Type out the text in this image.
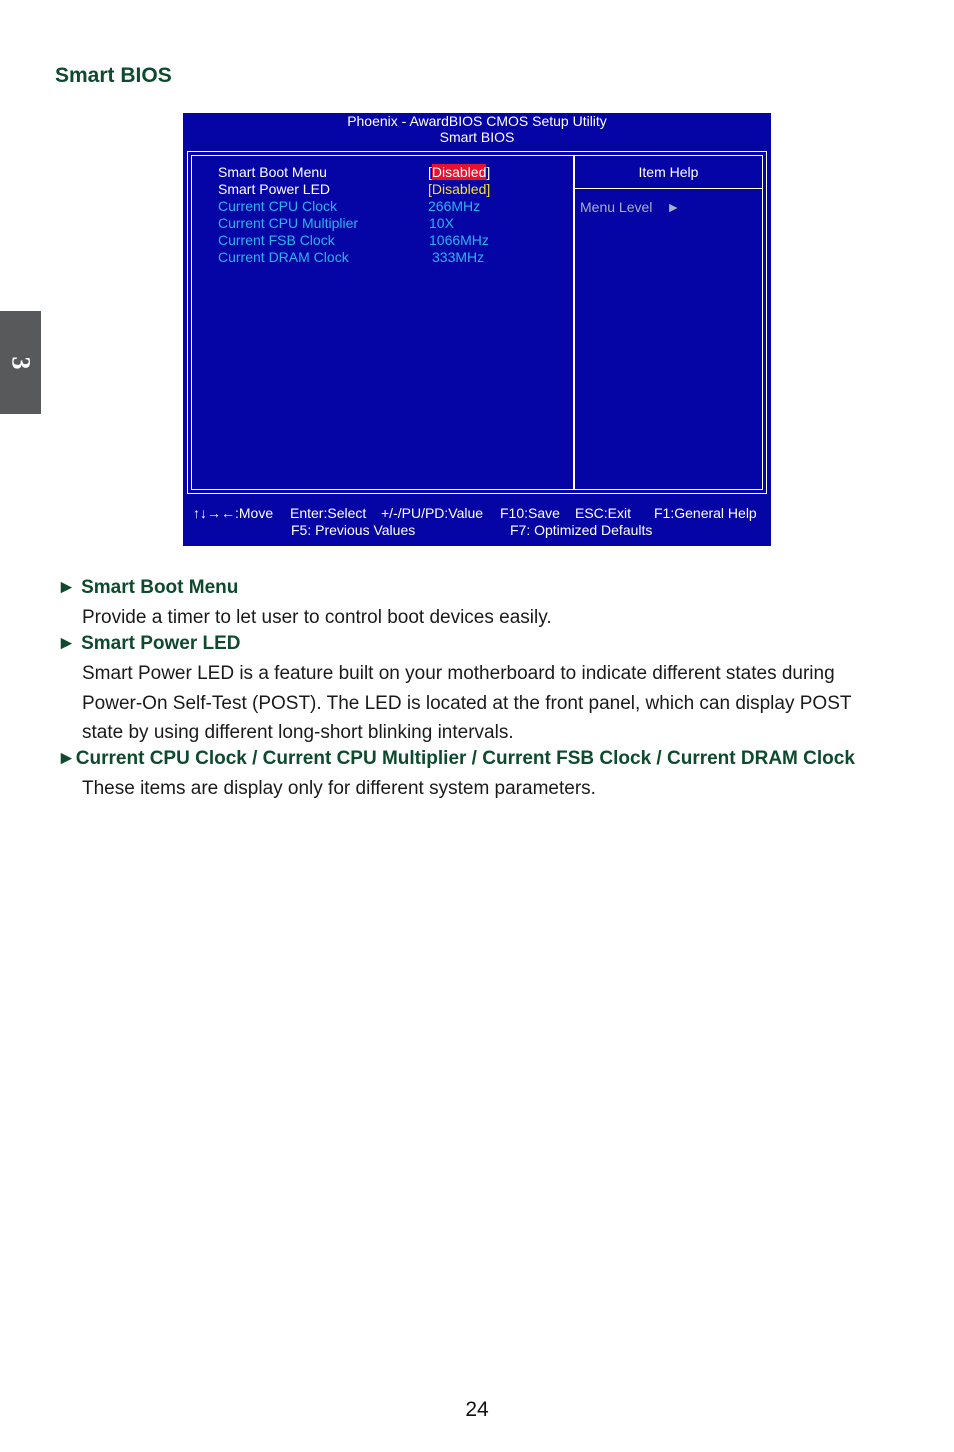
3
Smart BIOS
Phoenix - AwardBIOS CMOS Setup Utility
Smart BIOS
Smart Boot Menu	[Disabled]
Smart Power LED	[Disabled]
Current CPU Clock	266MHz
Current CPU Multiplier	10X
Current FSB Clock	1066MHz
Current DRAM Clock	333MHz
Item Help
Menu Level ►
↑↓→←:Move Enter:Select +/-/PU/PD:Value F10:Save ESC:Exit F1:General Help
F5: Previous Values	F7: Optimized Defaults
► Smart Boot Menu
Provide a timer to let user to control boot devices easily.
► Smart Power LED
Smart Power LED is a feature built on your motherboard to indicate different states during Power-On Self-Test (POST). The LED is located at the front panel, which can display POST state by using different long-short blinking intervals.
►Current CPU Clock / Current CPU Multiplier / Current FSB Clock / Current DRAM Clock
These items are display only for different system parameters.
24
